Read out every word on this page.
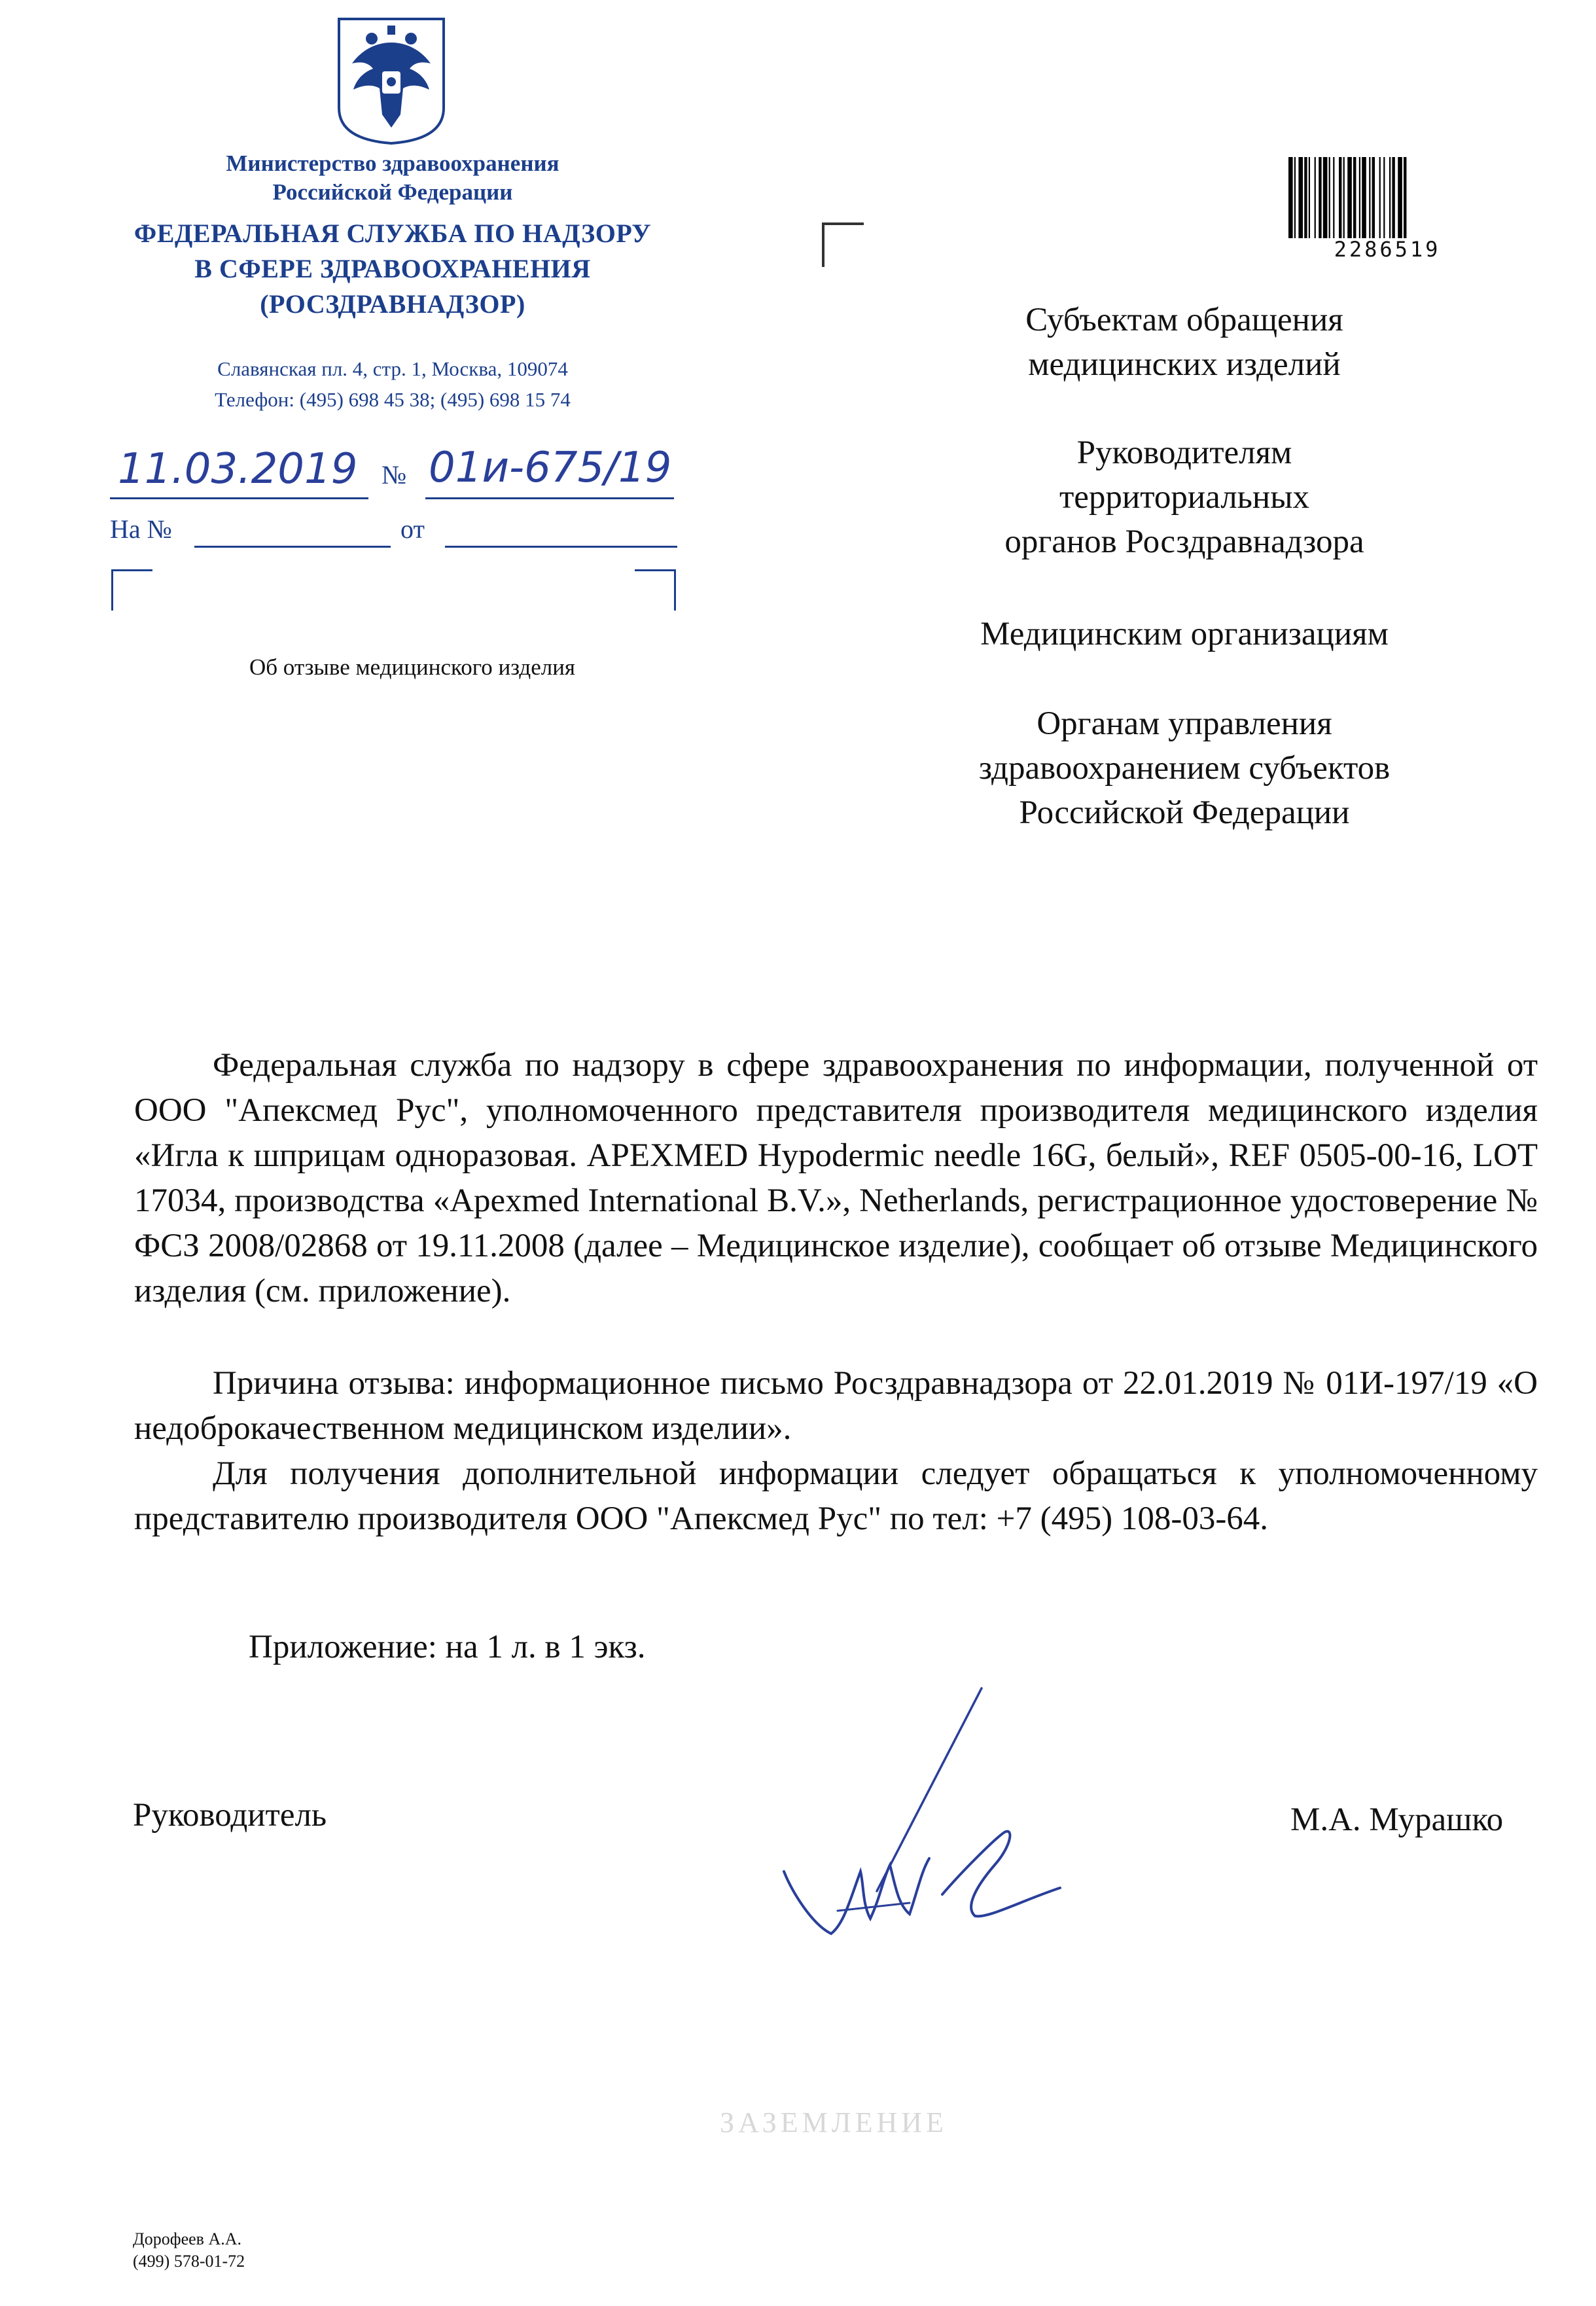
Министерство здравоохранения
Российской Федерации
ФЕДЕРАЛЬНАЯ СЛУЖБА ПО НАДЗОРУ
В СФЕРЕ ЗДРАВООХРАНЕНИЯ
(РОСЗДРАВНАДЗОР)
Славянская пл. 4, стр. 1, Москва, 109074
Телефон: (495) 698 45 38; (495) 698 15 74
11.03.2019 № 01и-675/19
На №	от
Об отзыве медицинского изделия
2286519
Субъектам обращения
медицинских изделий
Руководителям
территориальных
органов Росздравнадзора
Медицинским организациям
Органам управления
здравоохранением субъектов
Российской Федерации
Федеральная служба по надзору в сфере здравоохранения по информации, полученной от ООО "Апексмед Рус", уполномоченного представителя производителя медицинского изделия «Игла к шприцам одноразовая. APEXMED Hypodermic needle 16G, белый», REF 0505-00-16, LOT 17034, производства «Apexmed International B.V.», Netherlands, регистрационное удостоверение № ФСЗ 2008/02868 от 19.11.2008 (далее – Медицинское изделие), сообщает об отзыве Медицинского изделия (см. приложение).
Причина отзыва: информационное письмо Росздравнадзора от 22.01.2019 № 01И-197/19 «О недоброкачественном медицинском изделии».
Для получения дополнительной информации следует обращаться к уполномоченному представителю производителя ООО "Апексмед Рус" по тел: +7 (495) 108-03-64.
Приложение: на 1 л. в 1 экз.
Руководитель	М.А. Мурашко
ЗАЗЕМЛЕНИЕ
Дорофеев А.А.
(499) 578-01-72
